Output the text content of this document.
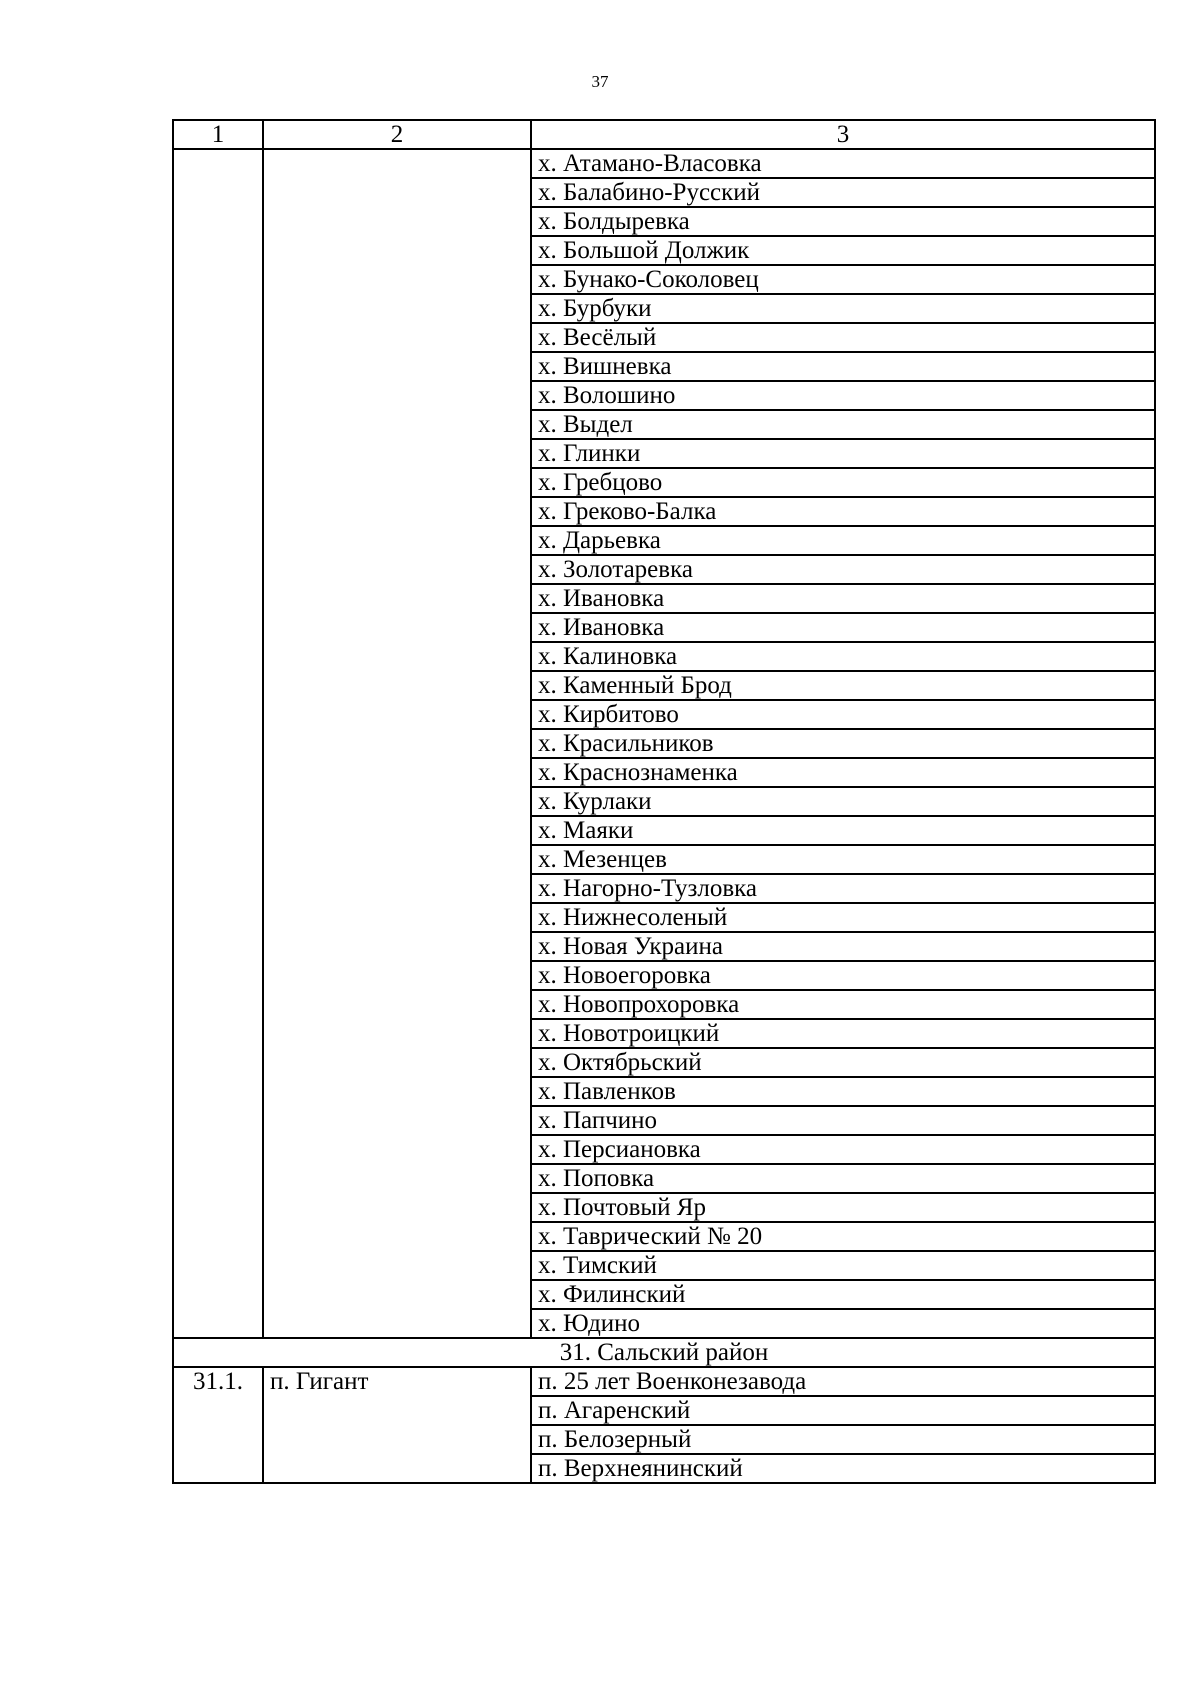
37
1	2	3
		х. Атамано-Власовка
		х. Балабино-Русский
		х. Болдыревка
		х. Большой Должик
		х. Бунако-Соколовец
		х. Бурбуки
		х. Весёлый
		х. Вишневка
		х. Волошино
		х. Выдел
		х. Глинки
		х. Гребцово
		х. Греково-Балка
		х. Дарьевка
		х. Золотаревка
		х. Ивановка
		х. Ивановка
		х. Калиновка
		х. Каменный Брод
		х. Кирбитово
		х. Красильников
		х. Краснознаменка
		х. Курлаки
		х. Маяки
		х. Мезенцев
		х. Нагорно-Тузловка
		х. Нижнесоленый
		х. Новая Украина
		х. Новоегоровка
		х. Новопрохоровка
		х. Новотроицкий
		х. Октябрьский
		х. Павленков
		х. Папчино
		х. Персиановка
		х. Поповка
		х. Почтовый Яр
		х. Таврический № 20
		х. Тимский
		х. Филинский
		х. Юдино
31. Сальский район		
31.1.	п. Гигант	п. 25 лет Военконезавода
		п. Агаренский
		п. Белозерный
		п. Верхнеянинский
